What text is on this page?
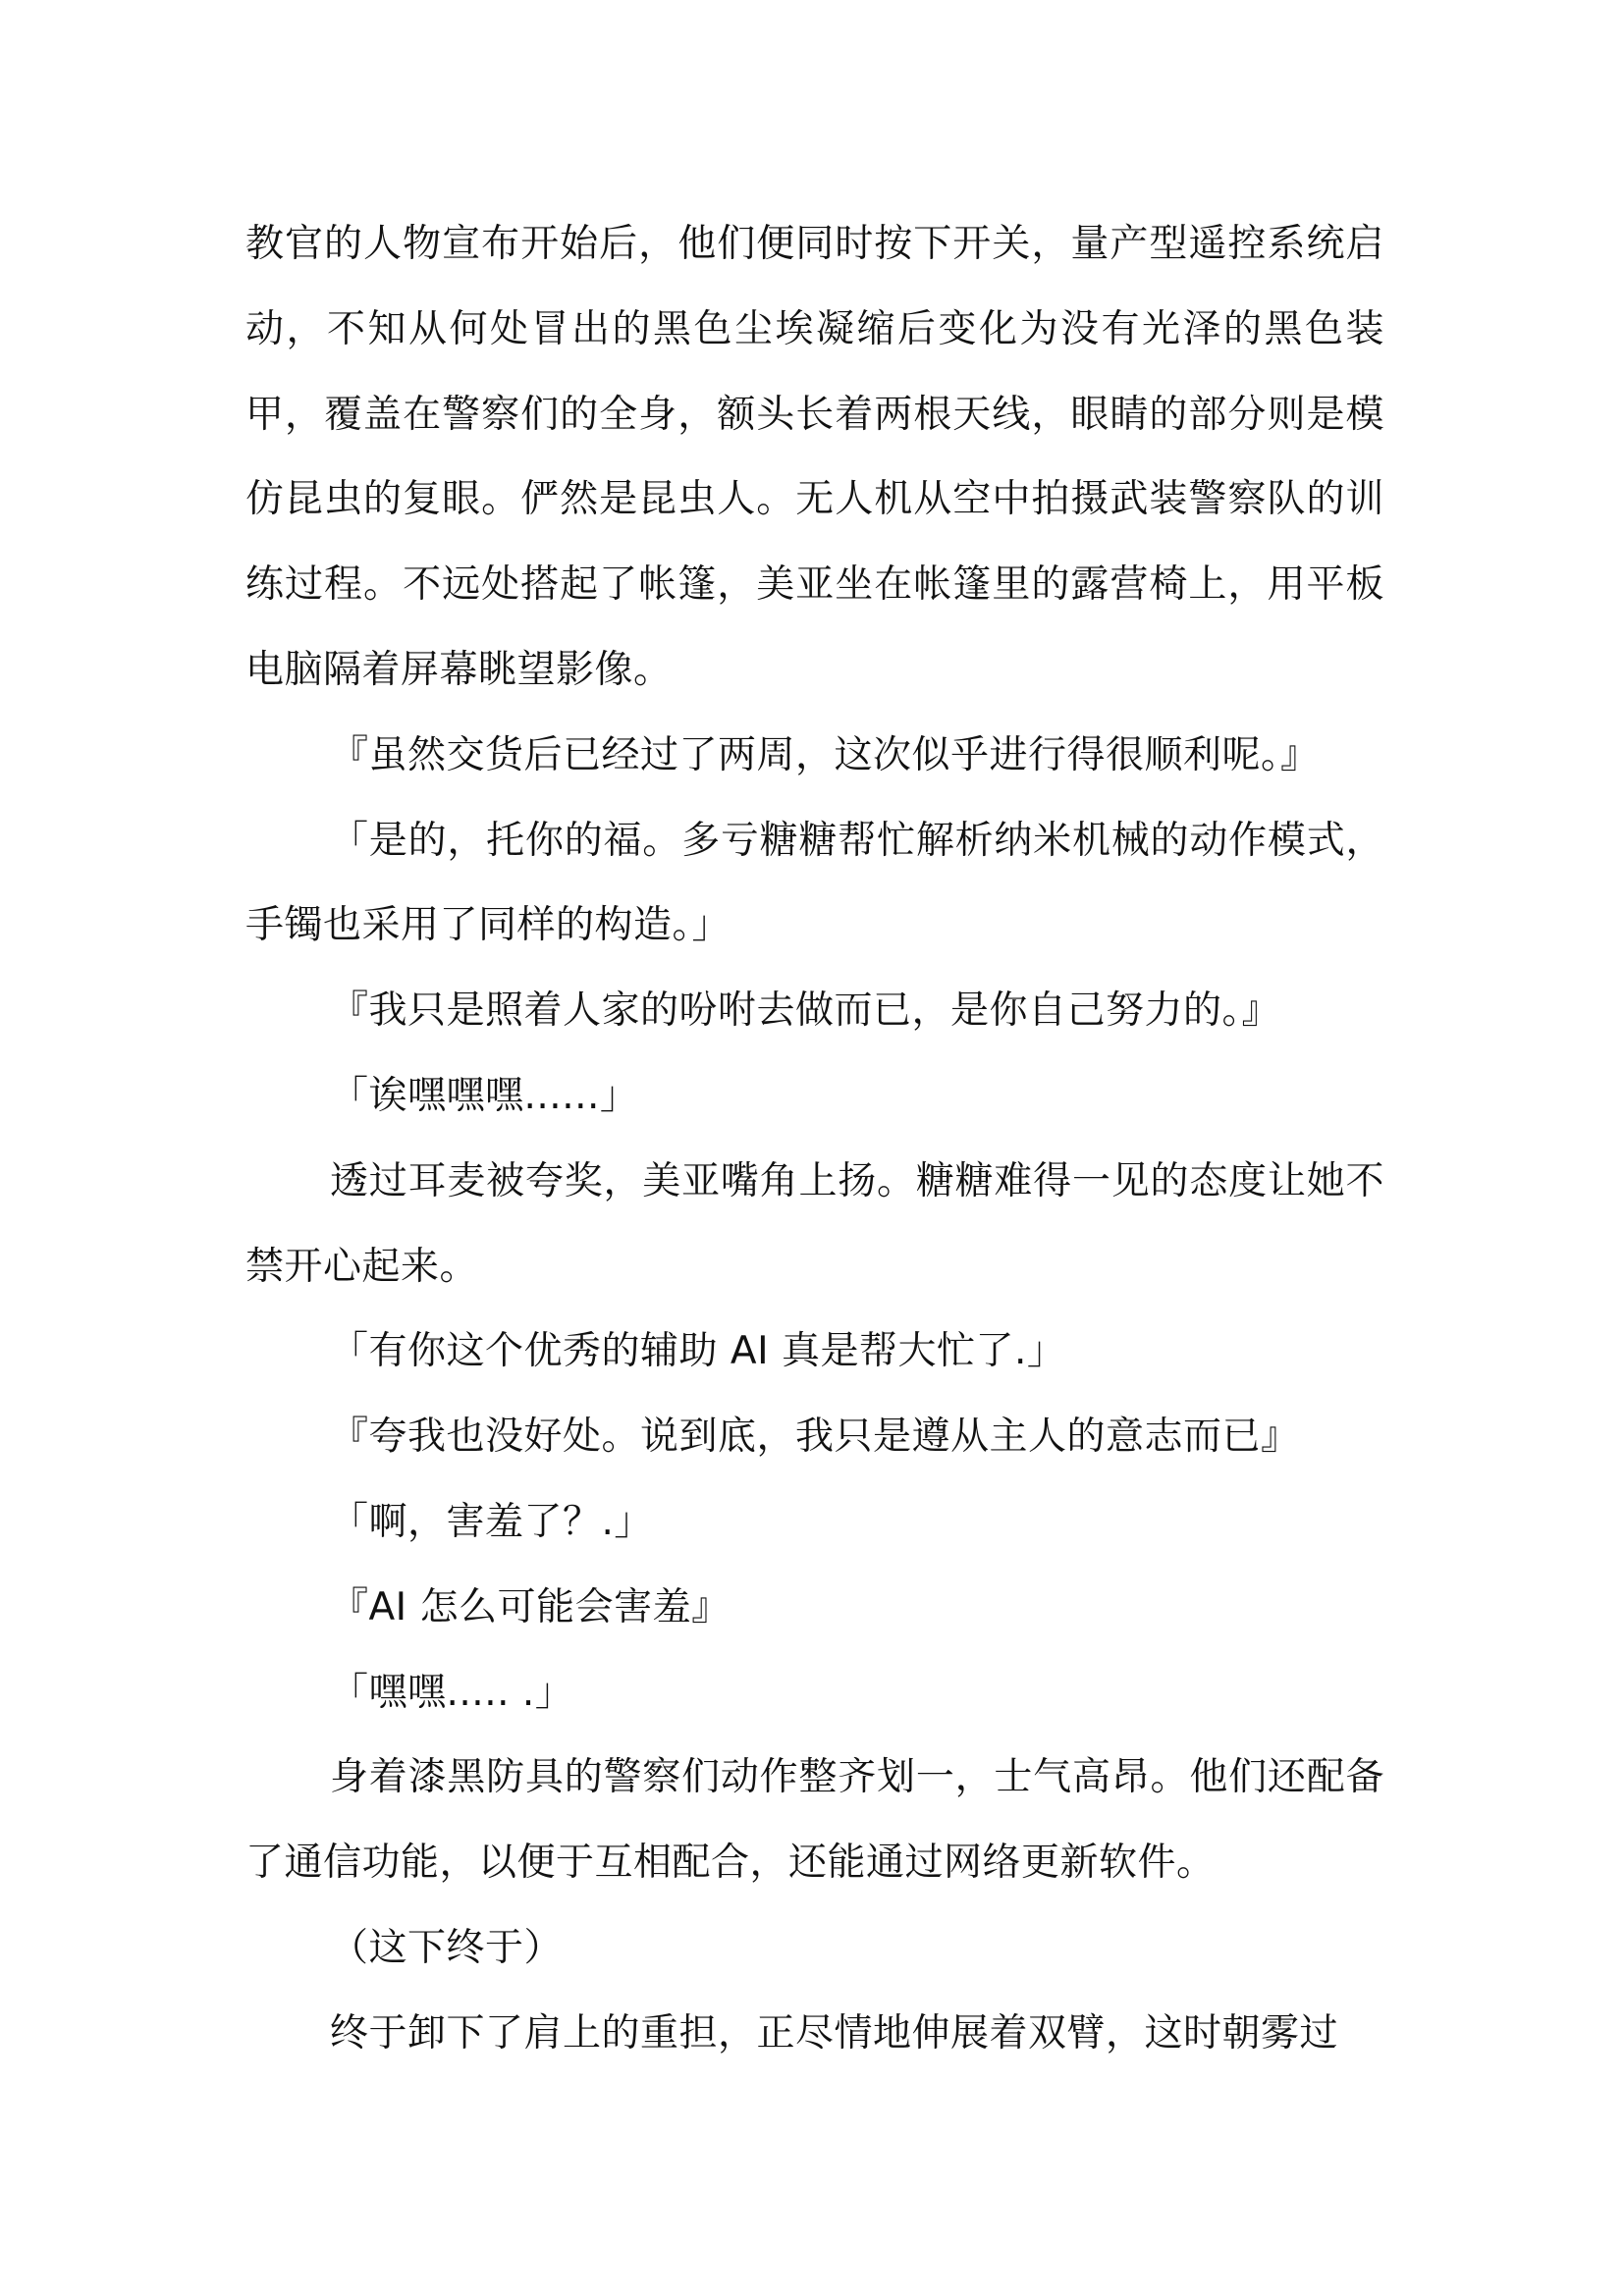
教官的人物宣布开始后，他们便同时按下开关，量产型遥控系统启动，不知从何处冒出的黑色尘埃凝缩后变化为没有光泽的黑色装甲，覆盖在警察们的全身，额头长着两根天线，眼睛的部分则是模仿昆虫的复眼。俨然是昆虫人。无人机从空中拍摄武装警察队的训练过程。不远处搭起了帐篷，美亚坐在帐篷里的露营椅上，用平板电脑隔着屏幕眺望影像。

『虽然交货后已经过了两周，这次似乎进行得很顺利呢。』

「是的，托你的福。多亏糖糖帮忙解析纳米机械的动作模式，手镯也采用了同样的构造。」

『我只是照着人家的吩咐去做而已，是你自己努力的。』

「诶嘿嘿嘿......」

透过耳麦被夸奖，美亚嘴角上扬。糖糖难得一见的态度让她不禁开心起来。

「有你这个优秀的辅助 AI 真是帮大忙了.」

『夸我也没好处。说到底，我只是遵从主人的意志而已』

「啊，害羞了？.」

『AI 怎么可能会害羞』

「嘿嘿..... .」

身着漆黑防具的警察们动作整齐划一，士气高昂。他们还配备了通信功能，以便于互相配合，还能通过网络更新软件。

（这下终于）

终于卸下了肩上的重担，正尽情地伸展着双臂，这时朝雾过
